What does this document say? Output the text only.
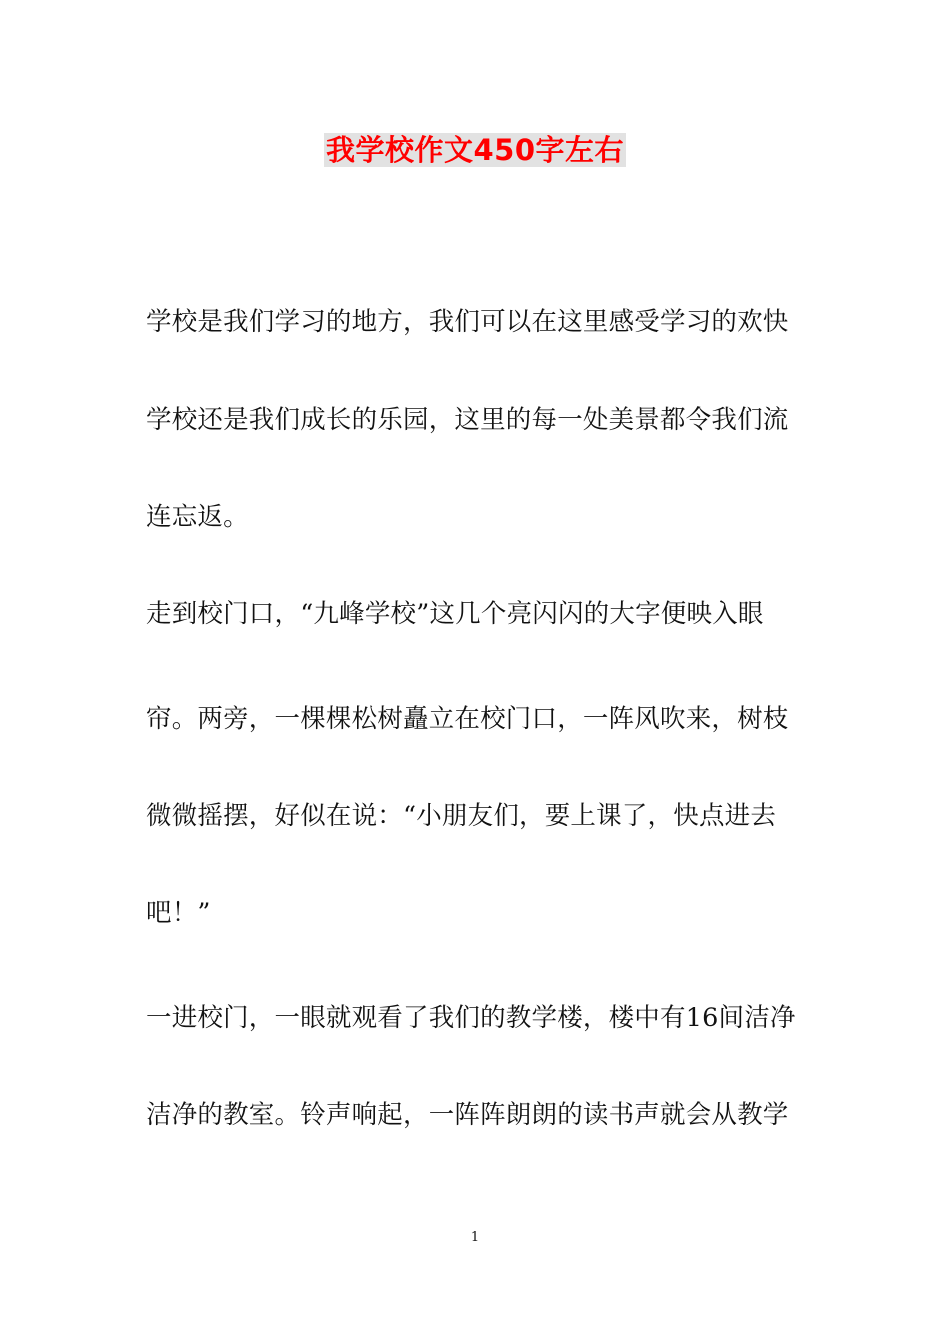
我学校作文450字左右
学校是我们学习的地方，我们可以在这里感受学习的欢快
学校还是我们成长的乐园，这里的每一处美景都令我们流
连忘返。
走到校门口，“九峰学校”这几个亮闪闪的大字便映入眼
帘。两旁，一棵棵松树矗立在校门口，一阵风吹来，树枝
微微摇摆，好似在说：“小朋友们，要上课了，快点进去
吧！”
一进校门，一眼就观看了我们的教学楼，楼中有16间洁净
洁净的教室。铃声响起，一阵阵朗朗的读书声就会从教学
1
